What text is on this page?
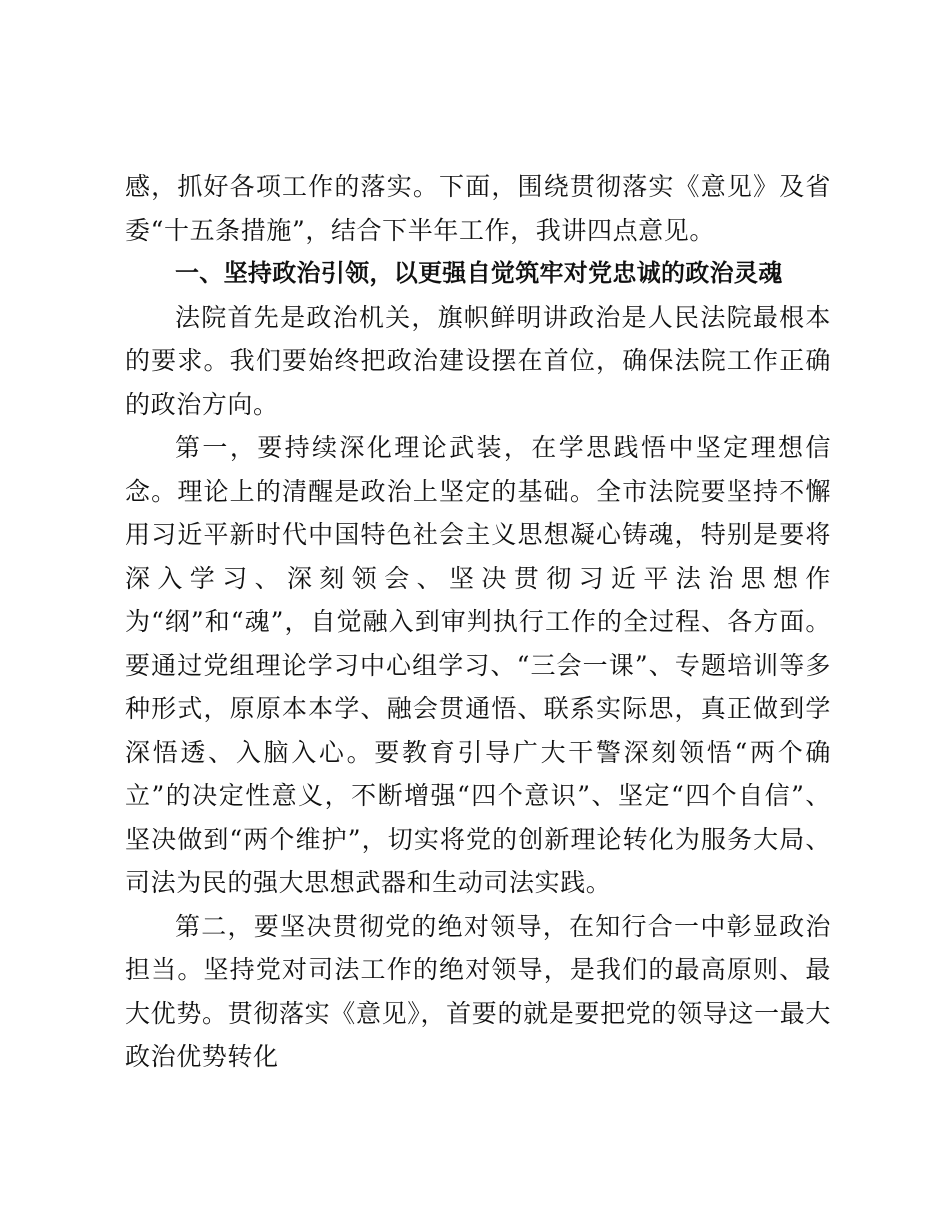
感，抓好各项工作的落实。下面，围绕贯彻落实《意见》及省委“十五条措施”，结合下半年工作，我讲四点意见。

一、坚持政治引领，以更强自觉筑牢对党忠诚的政治灵魂

法院首先是政治机关，旗帜鲜明讲政治是人民法院最根本的要求。我们要始终把政治建设摆在首位，确保法院工作正确的政治方向。

第一，要持续深化理论武装，在学思践悟中坚定理想信念。理论上的清醒是政治上坚定的基础。全市法院要坚持不懈用习近平新时代中国特色社会主义思想凝心铸魂，特别是要将深入学习、深刻领会、坚决贯彻习近平法治思想作为“纲”和“魂”，自觉融入到审判执行工作的全过程、各方面。要通过党组理论学习中心组学习、“三会一课”、专题培训等多种形式，原原本本学、融会贯通悟、联系实际思，真正做到学深悟透、入脑入心。要教育引导广大干警深刻领悟“两个确立”的决定性意义，不断增强“四个意识”、坚定“四个自信”、坚决做到“两个维护”，切实将党的创新理论转化为服务大局、司法为民的强大思想武器和生动司法实践。

第二，要坚决贯彻党的绝对领导，在知行合一中彰显政治担当。坚持党对司法工作的绝对领导，是我们的最高原则、最大优势。贯彻落实《意见》，首要的就是要把党的领导这一最大政治优势转化
